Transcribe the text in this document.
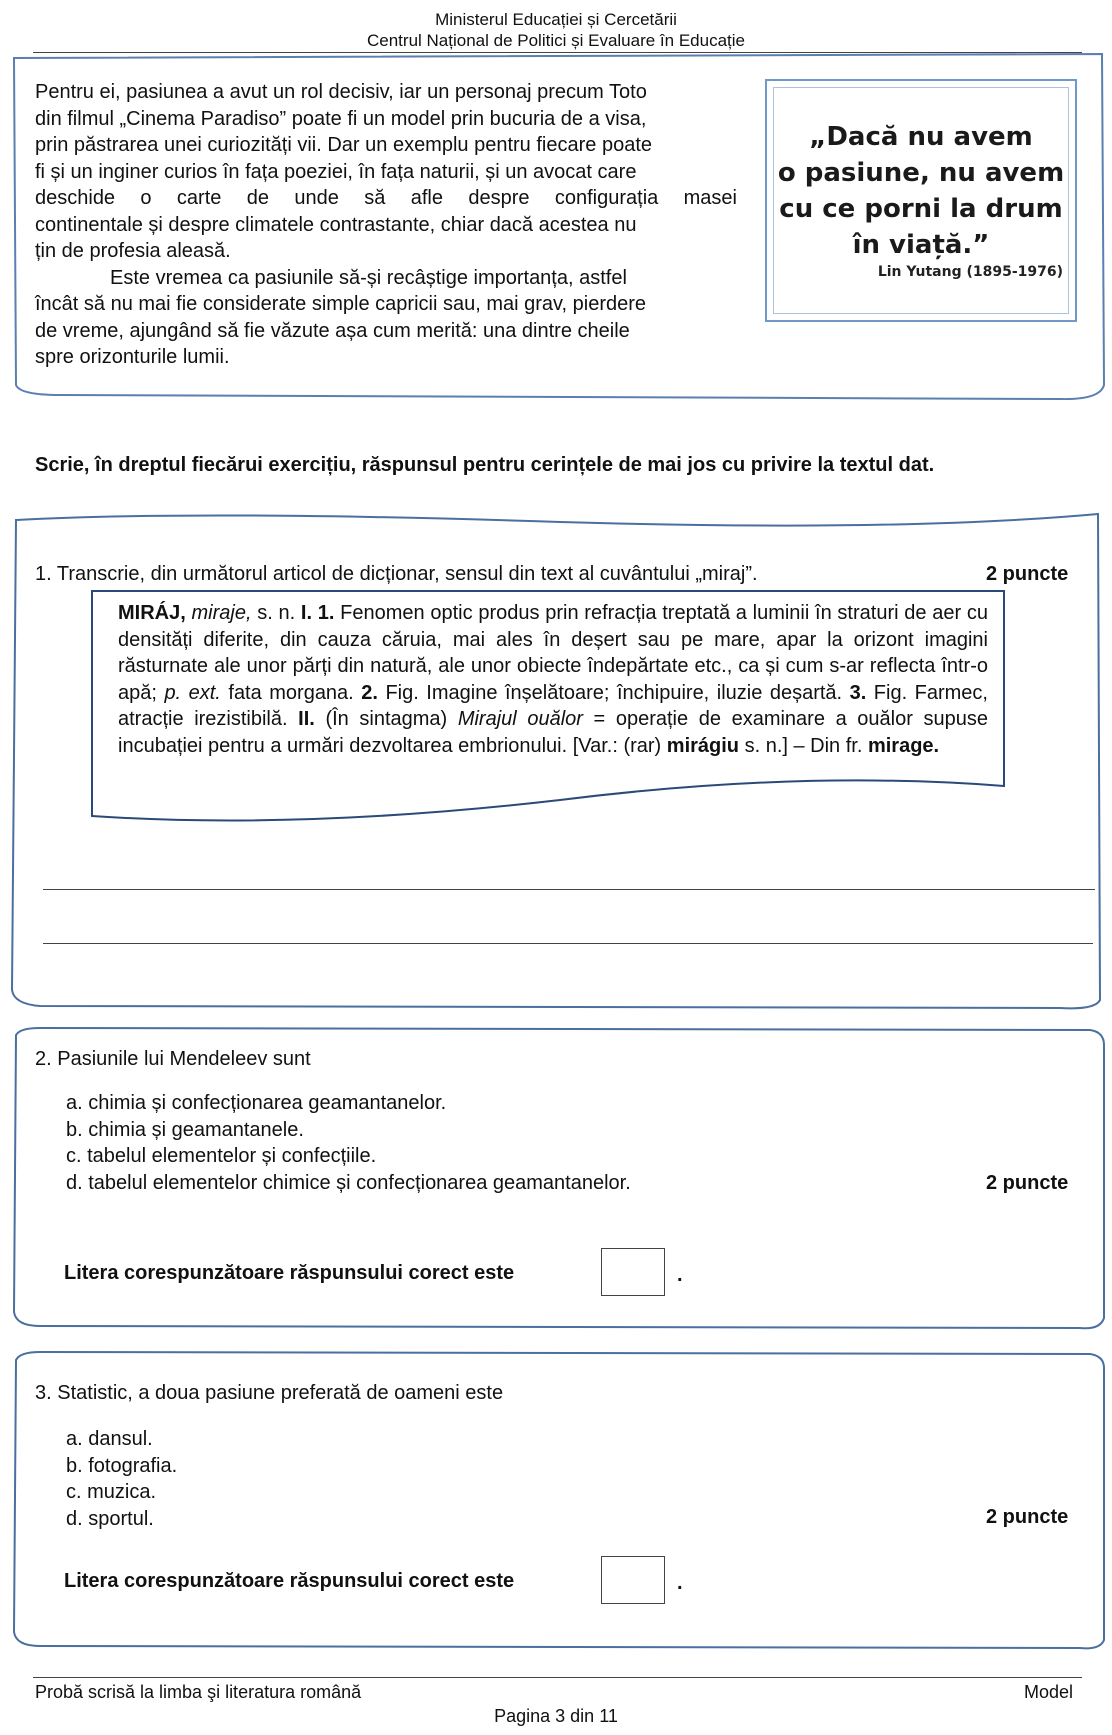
Ministerul Educației și Cercetării
Centrul Național de Politici și Evaluare în Educație
Pentru ei, pasiunea a avut un rol decisiv, iar un personaj precum Toto
din filmul „Cinema Paradiso” poate fi un model prin bucuria de a visa,
prin păstrarea unei curiozități vii. Dar un exemplu pentru fiecare poate
fi și un inginer curios în fața poeziei, în fața naturii, și un avocat care
deschide o carte de unde să afle despre configurația masei
continentale și despre climatele contrastante, chiar dacă acestea nu
țin de profesia aleasă.
Este vremea ca pasiunile să-și recâștige importanța, astfel
încât să nu mai fie considerate simple capricii sau, mai grav, pierdere
de vreme, ajungând să fie văzute așa cum merită: una dintre cheile
spre orizonturile lumii.
„Dacă nu avem
o pasiune, nu avem
cu ce porni la drum
în viață.”
Lin Yutang (1895-1976)
Scrie, în dreptul fiecărui exercițiu, răspunsul pentru cerințele de mai jos cu privire la textul dat.
1. Transcrie, din următorul articol de dicționar, sensul din text al cuvântului „miraj”.	2 puncte
MIRÁJ, miraje, s. n. I. 1. Fenomen optic produs prin refracția treptată a luminii în straturi de aer cu densități diferite, din cauza căruia, mai ales în deșert sau pe mare, apar la orizont imagini răsturnate ale unor părți din natură, ale unor obiecte îndepărtate etc., ca și cum s-ar reflecta într-o apă; p. ext. fata morgana. 2. Fig. Imagine înșelătoare; închipuire, iluzie deșartă. 3. Fig. Farmec, atracție irezistibilă. II. (În sintagma) Mirajul ouălor = operație de examinare a ouălor supuse incubației pentru a urmări dezvoltarea embrionului. [Var.: (rar) mirágiu s. n.] – Din fr. mirage.
2. Pasiunile lui Mendeleev sunt
a. chimia și confecționarea geamantanelor.
b. chimia și geamantanele.
c. tabelul elementelor și confecțiile.
d. tabelul elementelor chimice și confecționarea geamantanelor.	2 puncte
Litera corespunzătoare răspunsului corect este	.
3. Statistic, a doua pasiune preferată de oameni este
a. dansul.
b. fotografia.
c. muzica.
d. sportul.	2 puncte
Litera corespunzătoare răspunsului corect este	.
Probă scrisă la limba şi literatura română	Model
Pagina 3 din 11
